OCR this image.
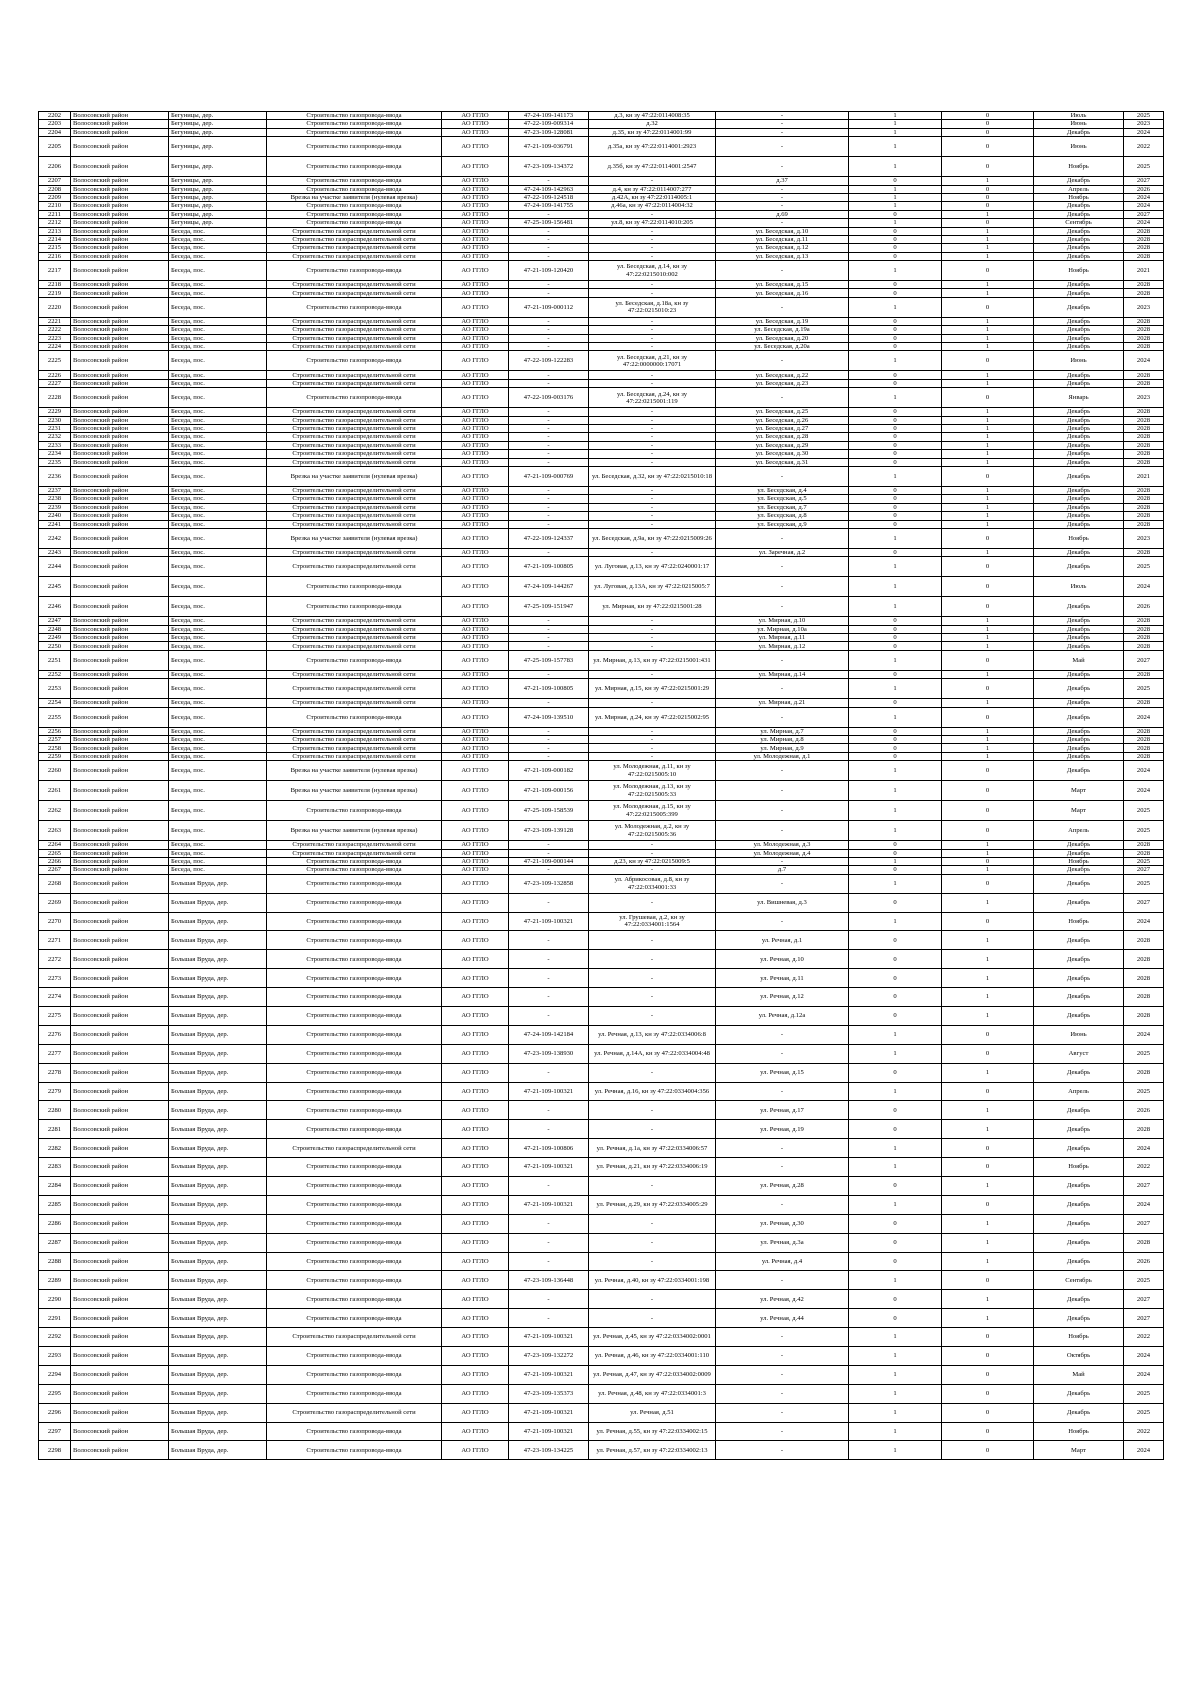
2202	Волосовский район	Бегуницы, дер.	Строительство газопровода-ввода	АО ГГЛО	47-24-109-141173	д.3, кн зу 47:22:0114008:35	-	1	0	Июль	2025
2203	Волосовский район	Бегуницы, дер.	Строительство газопровода-ввода	АО ГГЛО	47-22-109-009314	д.32	-	1	0	Июнь	2023
2204	Волосовский район	Бегуницы, дер.	Строительство газопровода-ввода	АО ГГЛО	47-23-109-128081	д.35, кн зу 47:22:0114001:99	-	1	0	Декабрь	2024
2205	Волосовский район	Бегуницы, дер.	Строительство газопровода-ввода	АО ГГЛО	47-21-109-036791	д.35а, кн зу 47:22:0114001:2923	-	1	0	Июнь	2022
2206	Волосовский район	Бегуницы, дер.	Строительство газопровода-ввода	АО ГГЛО	47-23-109-134372	д.35б, кн зу 47:22:0114001:2547	-	1	0	Ноябрь	2025
2207	Волосовский район	Бегуницы, дер.	Строительство газопровода-ввода	АО ГГЛО	-	-	д.37	0	1	Декабрь	2027
2208	Волосовский район	Бегуницы, дер.	Строительство газопровода-ввода	АО ГГЛО	47-24-109-142963	д.4, кн зу 47:22:0114007:277	-	1	0	Апрель	2026
2209	Волосовский район	Бегуницы, дер.	Врезка на участке заявителя (нулевая врезка)	АО ГГЛО	47-22-109-124518	д.42А, кн зу 47:22:0114005:1	-	1	0	Ноябрь	2024
2210	Волосовский район	Бегуницы, дер.	Строительство газопровода-ввода	АО ГГЛО	47-24-109-141755	д.46а, кн зу 47:22:0114004:32	-	1	0	Декабрь	2024
2211	Волосовский район	Бегуницы, дер.	Строительство газопровода-ввода	АО ГГЛО	-	-	д.69	0	1	Декабрь	2027
2212	Волосовский район	Бегуницы, дер.	Строительство газопровода-ввода	АО ГГЛО	47-25-109-156481	ул.8, кн зу 47:22:0114010:205	-	1	0	Сентябрь	2024
2213	Волосовский район	Беседа, пос.	Строительство газораспределительной сети	АО ГГЛО	-	-	ул. Беседская, д.10	0	1	Декабрь	2028
2214	Волосовский район	Беседа, пос.	Строительство газораспределительной сети	АО ГГЛО	-	-	ул. Беседская, д.11	0	1	Декабрь	2028
2215	Волосовский район	Беседа, пос.	Строительство газораспределительной сети	АО ГГЛО	-	-	ул. Беседская, д.12	0	1	Декабрь	2028
2216	Волосовский район	Беседа, пос.	Строительство газораспределительной сети	АО ГГЛО	-	-	ул. Беседская, д.13	0	1	Декабрь	2028
2217	Волосовский район	Беседа, пос.	Строительство газопровода-ввода	АО ГГЛО	47-21-109-120420	ул. Беседская, д.14, кн зу 47:22:0215010:002	-	1	0	Ноябрь	2021
2218	Волосовский район	Беседа, пос.	Строительство газораспределительной сети	АО ГГЛО	-	-	ул. Беседская, д.15	0	1	Декабрь	2028
2219	Волосовский район	Беседа, пос.	Строительство газораспределительной сети	АО ГГЛО	-	-	ул. Беседская, д.16	0	1	Декабрь	2028
2220	Волосовский район	Беседа, пос.	Строительство газопровода-ввода	АО ГГЛО	47-21-109-000112	ул. Беседская, д.18а, кн зу 47:22:0215010:23	-	1	0	Декабрь	2023
2221	Волосовский район	Беседа, пос.	Строительство газораспределительной сети	АО ГГЛО	-	-	ул. Беседская, д.19	0	1	Декабрь	2028
2222	Волосовский район	Беседа, пос.	Строительство газораспределительной сети	АО ГГЛО	-	-	ул. Беседская, д.19а	0	1	Декабрь	2028
2223	Волосовский район	Беседа, пос.	Строительство газораспределительной сети	АО ГГЛО	-	-	ул. Беседская, д.20	0	1	Декабрь	2028
2224	Волосовский район	Беседа, пос.	Строительство газораспределительной сети	АО ГГЛО	-	-	ул. Беседская, д.20а	0	1	Декабрь	2028
2225	Волосовский район	Беседа, пос.	Строительство газопровода-ввода	АО ГГЛО	47-22-109-122283	ул. Беседская, д.21, кн зу 47:22:0000000:17071	-	1	0	Июнь	2024
2226	Волосовский район	Беседа, пос.	Строительство газораспределительной сети	АО ГГЛО	-	-	ул. Беседская, д.22	0	1	Декабрь	2028
2227	Волосовский район	Беседа, пос.	Строительство газораспределительной сети	АО ГГЛО	-	-	ул. Беседская, д.23	0	1	Декабрь	2028
2228	Волосовский район	Беседа, пос.	Строительство газопровода-ввода	АО ГГЛО	47-22-109-003176	ул. Беседская, д.24, кн зу 47:22:0215001:119	-	1	0	Январь	2023
2229	Волосовский район	Беседа, пос.	Строительство газораспределительной сети	АО ГГЛО	-	-	ул. Беседская, д.25	0	1	Декабрь	2028
2230	Волосовский район	Беседа, пос.	Строительство газораспределительной сети	АО ГГЛО	-	-	ул. Беседская, д.26	0	1	Декабрь	2028
2231	Волосовский район	Беседа, пос.	Строительство газораспределительной сети	АО ГГЛО	-	-	ул. Беседская, д.27	0	1	Декабрь	2028
2232	Волосовский район	Беседа, пос.	Строительство газораспределительной сети	АО ГГЛО	-	-	ул. Беседская, д.28	0	1	Декабрь	2028
2233	Волосовский район	Беседа, пос.	Строительство газораспределительной сети	АО ГГЛО	-	-	ул. Беседская, д.29	0	1	Декабрь	2028
2234	Волосовский район	Беседа, пос.	Строительство газораспределительной сети	АО ГГЛО	-	-	ул. Беседская, д.30	0	1	Декабрь	2028
2235	Волосовский район	Беседа, пос.	Строительство газораспределительной сети	АО ГГЛО	-	-	ул. Беседская, д.31	0	1	Декабрь	2028
2236	Волосовский район	Беседа, пос.	Врезка на участке заявителя (нулевая врезка)	АО ГГЛО	47-21-109-000769	ул. Беседская, д.32, кн зу 47:22:0215010:18	-	1	0	Декабрь	2021
2237	Волосовский район	Беседа, пос.	Строительство газораспределительной сети	АО ГГЛО	-	-	ул. Беседская, д.4	0	1	Декабрь	2028
2238	Волосовский район	Беседа, пос.	Строительство газораспределительной сети	АО ГГЛО	-	-	ул. Беседская, д.5	0	1	Декабрь	2028
2239	Волосовский район	Беседа, пос.	Строительство газораспределительной сети	АО ГГЛО	-	-	ул. Беседская, д.7	0	1	Декабрь	2028
2240	Волосовский район	Беседа, пос.	Строительство газораспределительной сети	АО ГГЛО	-	-	ул. Беседская, д.8	0	1	Декабрь	2028
2241	Волосовский район	Беседа, пос.	Строительство газораспределительной сети	АО ГГЛО	-	-	ул. Беседская, д.9	0	1	Декабрь	2028
2242	Волосовский район	Беседа, пос.	Врезка на участке заявителя (нулевая врезка)	АО ГГЛО	47-22-109-124337	ул. Беседская, д.9а, кн зу 47:22:0215009:26	-	1	0	Ноябрь	2023
2243	Волосовский район	Беседа, пос.	Строительство газораспределительной сети	АО ГГЛО	-	-	ул. Заречная, д.2	0	1	Декабрь	2028
2244	Волосовский район	Беседа, пос.	Строительство газораспределительной сети	АО ГГЛО	47-21-109-100805	ул. Луговая, д.13, кн зу 47:22:0240001:17	-	1	0	Декабрь	2025
2245	Волосовский район	Беседа, пос.	Строительство газопровода-ввода	АО ГГЛО	47-24-109-144267	ул. Луговая, д.13А, кн зу 47:22:0215005:7	-	1	0	Июль	2024
2246	Волосовский район	Беседа, пос.	Строительство газопровода-ввода	АО ГГЛО	47-25-109-151947	ул. Мирная, кн зу 47:22:0215001:28	-	1	0	Декабрь	2026
2247	Волосовский район	Беседа, пос.	Строительство газораспределительной сети	АО ГГЛО	-	-	ул. Мирная, д.10	0	1	Декабрь	2028
2248	Волосовский район	Беседа, пос.	Строительство газораспределительной сети	АО ГГЛО	-	-	ул. Мирная, д.10а	0	1	Декабрь	2028
2249	Волосовский район	Беседа, пос.	Строительство газораспределительной сети	АО ГГЛО	-	-	ул. Мирная, д.11	0	1	Декабрь	2028
2250	Волосовский район	Беседа, пос.	Строительство газораспределительной сети	АО ГГЛО	-	-	ул. Мирная, д.12	0	1	Декабрь	2028
2251	Волосовский район	Беседа, пос.	Строительство газопровода-ввода	АО ГГЛО	47-25-109-157783	ул. Мирная, д.13, кн зу 47:22:0215001:431	-	1	0	Май	2027
2252	Волосовский район	Беседа, пос.	Строительство газораспределительной сети	АО ГГЛО	-	-	ул. Мирная, д.14	0	1	Декабрь	2028
2253	Волосовский район	Беседа, пос.	Строительство газораспределительной сети	АО ГГЛО	47-21-109-100805	ул. Мирная, д.15, кн зу 47:22:0215001:29	-	1	0	Декабрь	2025
2254	Волосовский район	Беседа, пос.	Строительство газораспределительной сети	АО ГГЛО	-	-	ул. Мирная, д.21	0	1	Декабрь	2028
2255	Волосовский район	Беседа, пос.	Строительство газопровода-ввода	АО ГГЛО	47-24-109-139510	ул. Мирная, д.24, кн зу 47:22:0215002:95	-	1	0	Декабрь	2024
2256	Волосовский район	Беседа, пос.	Строительство газораспределительной сети	АО ГГЛО	-	-	ул. Мирная, д.7	0	1	Декабрь	2028
2257	Волосовский район	Беседа, пос.	Строительство газораспределительной сети	АО ГГЛО	-	-	ул. Мирная, д.8	0	1	Декабрь	2028
2258	Волосовский район	Беседа, пос.	Строительство газораспределительной сети	АО ГГЛО	-	-	ул. Мирная, д.9	0	1	Декабрь	2028
2259	Волосовский район	Беседа, пос.	Строительство газораспределительной сети	АО ГГЛО	-	-	ул. Молодежная, д.1	0	1	Декабрь	2028
2260	Волосовский район	Беседа, пос.	Врезка на участке заявителя (нулевая врезка)	АО ГГЛО	47-21-109-000182	ул. Молодежная, д.11, кн зу 47:22:0215005:10	-	1	0	Декабрь	2024
2261	Волосовский район	Беседа, пос.	Врезка на участке заявителя (нулевая врезка)	АО ГГЛО	47-21-109-000156	ул. Молодежная, д.13, кн зу 47:22:0215005:33	-	1	0	Март	2024
2262	Волосовский район	Беседа, пос.	Строительство газопровода-ввода	АО ГГЛО	47-25-109-158539	ул. Молодежная, д.15, кн зу 47:22:0215005:399	-	1	0	Март	2025
2263	Волосовский район	Беседа, пос.	Врезка на участке заявителя (нулевая врезка)	АО ГГЛО	47-23-109-139128	ул. Молодежная, д.2, кн зу 47:22:0215005:36	-	1	0	Апрель	2025
2264	Волосовский район	Беседа, пос.	Строительство газораспределительной сети	АО ГГЛО	-	-	ул. Молодежная, д.3	0	1	Декабрь	2028
2265	Волосовский район	Беседа, пос.	Строительство газораспределительной сети	АО ГГЛО	-	-	ул. Молодежная, д.4	0	1	Декабрь	2028
2266	Волосовский район	Беседа, пос.	Строительство газопровода-ввода	АО ГГЛО	47-21-109-000144	д.23, кн зу 47:22:0215009:5	-	1	0	Ноябрь	2025
2267	Волосовский район	Беседа, пос.	Строительство газопровода-ввода	АО ГГЛО	-	-	д.7	0	1	Декабрь	2027
2268	Волосовский район	Большая Вруда, дер.	Строительство газопровода-ввода	АО ГГЛО	47-23-109-132858	ул. Абрикосовая, д.8, кн зу 47:22:0334001:33	-	1	0	Декабрь	2025
2269	Волосовский район	Большая Вруда, дер.	Строительство газопровода-ввода	АО ГГЛО	-	-	ул. Вишневая, д.3	0	1	Декабрь	2027
2270	Волосовский район	Большая Вруда, дер.	Строительство газопровода-ввода	АО ГГЛО	47-21-109-100321	ул. Грушевая, д.2, кн зу 47:22:0334001:1564	-	1	0	Ноябрь	2024
2271	Волосовский район	Большая Вруда, дер.	Строительство газопровода-ввода	АО ГГЛО	-	-	ул. Речная, д.1	0	1	Декабрь	2028
2272	Волосовский район	Большая Вруда, дер.	Строительство газопровода-ввода	АО ГГЛО	-	-	ул. Речная, д.10	0	1	Декабрь	2028
2273	Волосовский район	Большая Вруда, дер.	Строительство газопровода-ввода	АО ГГЛО	-	-	ул. Речная, д.11	0	1	Декабрь	2028
2274	Волосовский район	Большая Вруда, дер.	Строительство газопровода-ввода	АО ГГЛО	-	-	ул. Речная, д.12	0	1	Декабрь	2028
2275	Волосовский район	Большая Вруда, дер.	Строительство газопровода-ввода	АО ГГЛО	-	-	ул. Речная, д.12а	0	1	Декабрь	2028
2276	Волосовский район	Большая Вруда, дер.	Строительство газопровода-ввода	АО ГГЛО	47-24-109-142184	ул. Речная, д.13, кн зу 47:22:0334006:8	-	1	0	Июнь	2024
2277	Волосовский район	Большая Вруда, дер.	Строительство газопровода-ввода	АО ГГЛО	47-23-109-138930	ул. Речная, д.14А, кн зу 47:22:0334004:48	-	1	0	Август	2025
2278	Волосовский район	Большая Вруда, дер.	Строительство газопровода-ввода	АО ГГЛО	-	-	ул. Речная, д.15	0	1	Декабрь	2028
2279	Волосовский район	Большая Вруда, дер.	Строительство газопровода-ввода	АО ГГЛО	47-21-109-100321	ул. Речная, д.16, кн зу 47:22:0334004:356	-	1	0	Апрель	2025
2280	Волосовский район	Большая Вруда, дер.	Строительство газопровода-ввода	АО ГГЛО	-	-	ул. Речная, д.17	0	1	Декабрь	2026
2281	Волосовский район	Большая Вруда, дер.	Строительство газопровода-ввода	АО ГГЛО	-	-	ул. Речная, д.19	0	1	Декабрь	2028
2282	Волосовский район	Большая Вруда, дер.	Строительство газораспределительной сети	АО ГГЛО	47-21-109-100806	ул. Речная, д.1а, кн зу 47:22:0334006:57	-	1	0	Декабрь	2024
2283	Волосовский район	Большая Вруда, дер.	Строительство газопровода-ввода	АО ГГЛО	47-21-109-100321	ул. Речная, д.21, кн зу 47:22:0334006:19	-	1	0	Ноябрь	2022
2284	Волосовский район	Большая Вруда, дер.	Строительство газопровода-ввода	АО ГГЛО	-	-	ул. Речная, д.28	0	1	Декабрь	2027
2285	Волосовский район	Большая Вруда, дер.	Строительство газопровода-ввода	АО ГГЛО	47-21-109-100321	ул. Речная, д.29, кн зу 47:22:0334005:29	-	1	0	Декабрь	2024
2286	Волосовский район	Большая Вруда, дер.	Строительство газопровода-ввода	АО ГГЛО	-	-	ул. Речная, д.30	0	1	Декабрь	2027
2287	Волосовский район	Большая Вруда, дер.	Строительство газопровода-ввода	АО ГГЛО	-	-	ул. Речная, д.3а	0	1	Декабрь	2028
2288	Волосовский район	Большая Вруда, дер.	Строительство газопровода-ввода	АО ГГЛО	-	-	ул. Речная, д.4	0	1	Декабрь	2026
2289	Волосовский район	Большая Вруда, дер.	Строительство газопровода-ввода	АО ГГЛО	47-23-109-136448	ул. Речная, д.40, кн зу 47:22:0334001:198	-	1	0	Сентябрь	2025
2290	Волосовский район	Большая Вруда, дер.	Строительство газопровода-ввода	АО ГГЛО	-	-	ул. Речная, д.42	0	1	Декабрь	2027
2291	Волосовский район	Большая Вруда, дер.	Строительство газопровода-ввода	АО ГГЛО	-	-	ул. Речная, д.44	0	1	Декабрь	2027
2292	Волосовский район	Большая Вруда, дер.	Строительство газораспределительной сети	АО ГГЛО	47-21-109-100321	ул. Речная, д.45, кн зу 47:22:0334002:0001	-	1	0	Ноябрь	2022
2293	Волосовский район	Большая Вруда, дер.	Строительство газопровода-ввода	АО ГГЛО	47-23-109-132272	ул. Речная, д.46, кн зу 47:22:0334001:110	-	1	0	Октябрь	2024
2294	Волосовский район	Большая Вруда, дер.	Строительство газопровода-ввода	АО ГГЛО	47-21-109-100321	ул. Речная, д.47, кн зу 47:22:0334002:0009	-	1	0	Май	2024
2295	Волосовский район	Большая Вруда, дер.	Строительство газопровода-ввода	АО ГГЛО	47-23-109-135373	ул. Речная, д.48, кн зу 47:22:0334001:3	-	1	0	Декабрь	2025
2296	Волосовский район	Большая Вруда, дер.	Строительство газораспределительной сети	АО ГГЛО	47-21-109-100321	ул. Речная, д.51	-	1	0	Декабрь	2025
2297	Волосовский район	Большая Вруда, дер.	Строительство газопровода-ввода	АО ГГЛО	47-21-109-100321	ул. Речная, д.55, кн зу 47:22:0334002:15	-	1	0	Ноябрь	2022
2298	Волосовский район	Большая Вруда, дер.	Строительство газопровода-ввода	АО ГГЛО	47-23-109-134225	ул. Речная, д.57, кн зу 47:22:0334002:13	-	1	0	Март	2024
